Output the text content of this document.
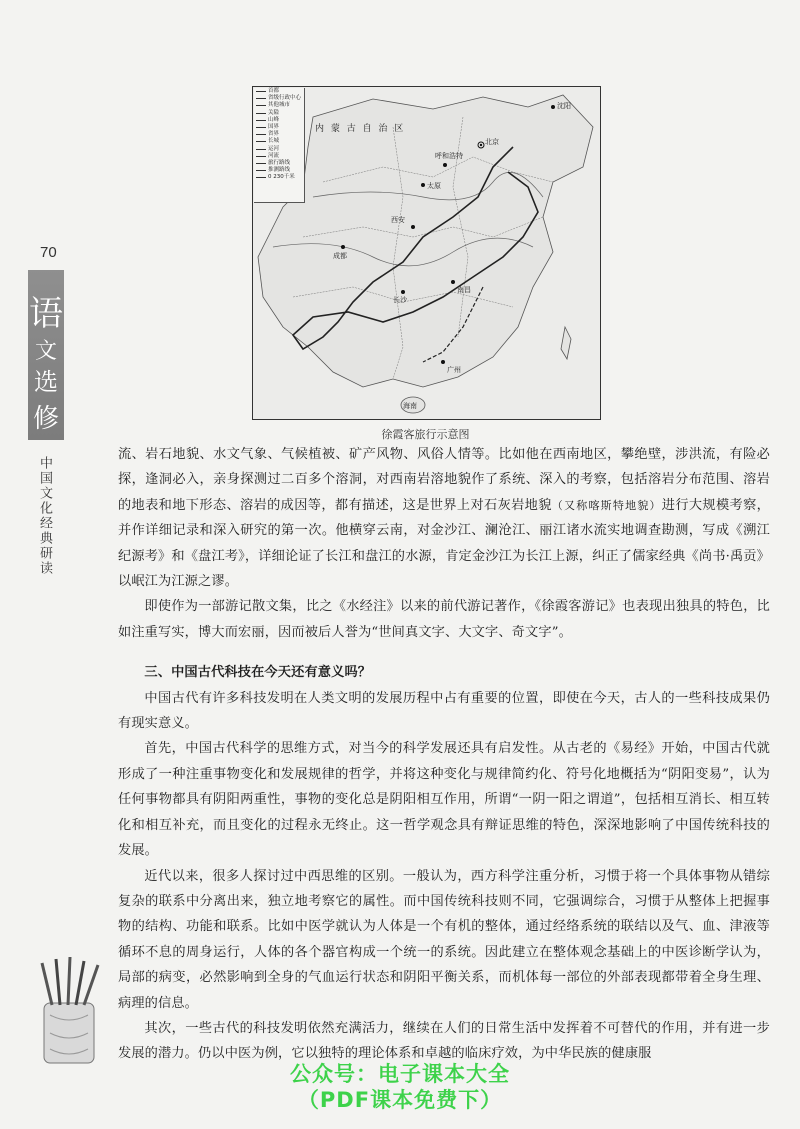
70
语
文
选
修
中国文化经典研读
首都
省级行政中心
其他城市
关隘
山峰
国界
省界
长城
运河
河流
旅行路线
推测路线
0 230千米
内 蒙 古 自 治 区
北京
呼和浩特
沈阳
太原
西安
成都
长沙
南昌
广州
海南
徐霞客旅行示意图

流、岩石地貌、水文气象、气候植被、矿产风物、风俗人情等。比如他在西南地区，攀绝壁，涉洪流，有险必探，逢洞必入，亲身探测过二百多个溶洞，对西南岩溶地貌作了系统、深入的考察，包括溶岩分布范围、溶岩的地表和地下形态、溶岩的成因等，都有描述，这是世界上对石灰岩地貌（又称喀斯特地貌）进行大规模考察，并作详细记录和深入研究的第一次。他横穿云南，对金沙江、澜沧江、丽江诸水流实地调查勘测，写成《溯江纪源考》和《盘江考》，详细论证了长江和盘江的水源，肯定金沙江为长江上源，纠正了儒家经典《尚书·禹贡》以岷江为江源之谬。

即使作为一部游记散文集，比之《水经注》以来的前代游记著作，《徐霞客游记》也表现出独具的特色，比如注重写实，博大而宏丽，因而被后人誉为“世间真文字、大文字、奇文字”。

三、中国古代科技在今天还有意义吗？

中国古代有许多科技发明在人类文明的发展历程中占有重要的位置，即使在今天，古人的一些科技成果仍有现实意义。

首先，中国古代科学的思维方式，对当今的科学发展还具有启发性。从古老的《易经》开始，中国古代就形成了一种注重事物变化和发展规律的哲学，并将这种变化与规律简约化、符号化地概括为“阴阳变易”，认为任何事物都具有阴阳两重性，事物的变化总是阴阳相互作用，所谓“一阴一阳之谓道”，包括相互消长、相互转化和相互补充，而且变化的过程永无终止。这一哲学观念具有辩证思维的特色，深深地影响了中国传统科技的发展。

近代以来，很多人探讨过中西思维的区别。一般认为，西方科学注重分析，习惯于将一个具体事物从错综复杂的联系中分离出来，独立地考察它的属性。而中国传统科技则不同，它强调综合，习惯于从整体上把握事物的结构、功能和联系。比如中医学就认为人体是一个有机的整体，通过经络系统的联结以及气、血、津液等循环不息的周身运行，人体的各个器官构成一个统一的系统。因此建立在整体观念基础上的中医诊断学认为，局部的病变，必然影响到全身的气血运行状态和阴阳平衡关系，而机体每一部位的外部表现都带着全身生理、病理的信息。

其次，一些古代的科技发明依然充满活力，继续在人们的日常生活中发挥着不可替代的作用，并有进一步发展的潜力。仍以中医为例，它以独特的理论体系和卓越的临床疗效，为中华民族的健康服

公众号：电子课本大全
（PDF课本免费下）
